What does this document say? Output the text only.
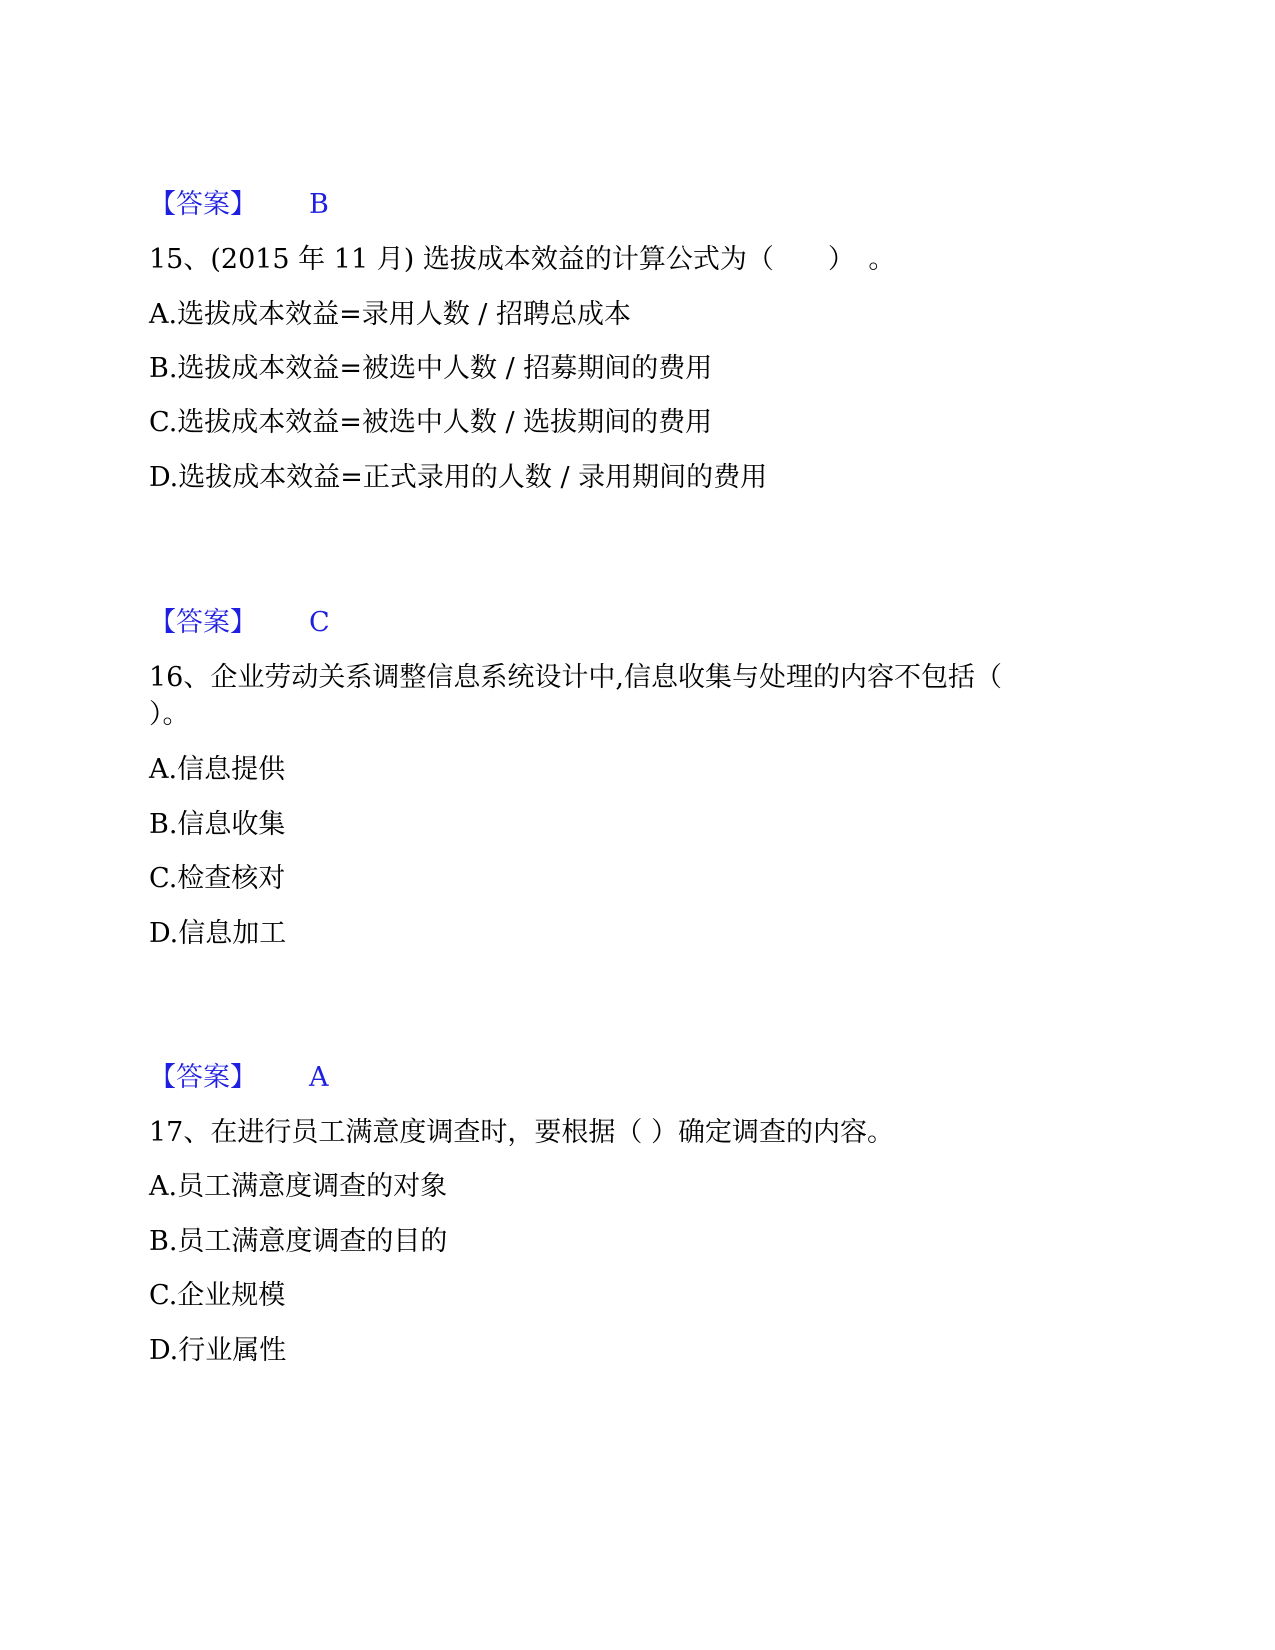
【答案】 B
15、(2015 年 11 月) 选拔成本效益的计算公式为（　　）　。
A.选拔成本效益=录用人数 / 招聘总成本
B.选拔成本效益=被选中人数 / 招募期间的费用
C.选拔成本效益=被选中人数 / 选拔期间的费用
D.选拔成本效益=正式录用的人数 / 录用期间的费用
【答案】 C
16、企业劳动关系调整信息系统设计中,信息收集与处理的内容不包括（
）。
A.信息提供
B.信息收集
C.检查核对
D.信息加工
【答案】 A
17、在进行员工满意度调查时，要根据（ ）确定调查的内容。
A.员工满意度调查的对象
B.员工满意度调查的目的
C.企业规模
D.行业属性
